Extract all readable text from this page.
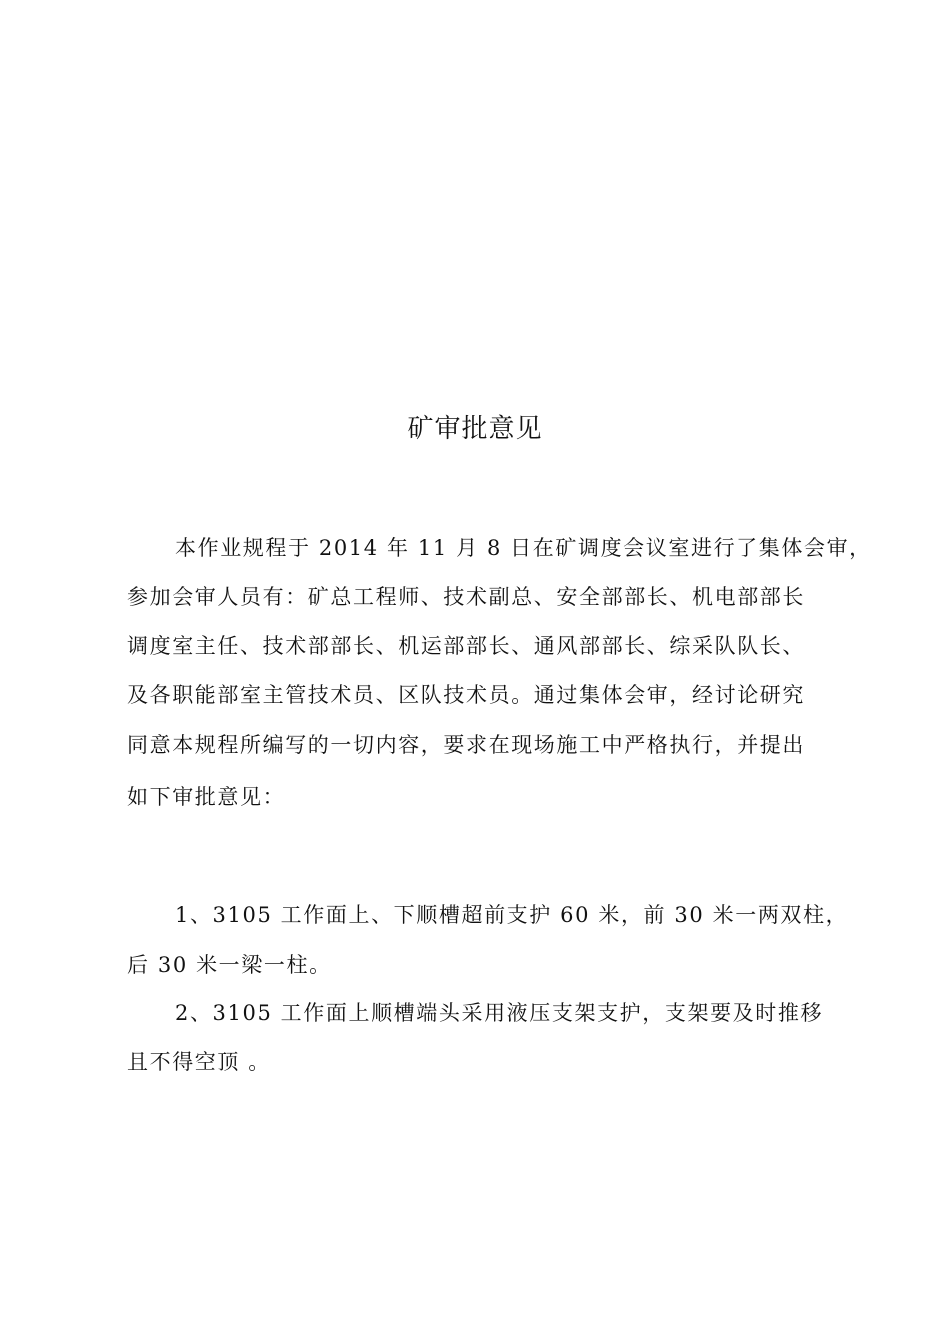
矿审批意见
本作业规程于 2014 年 11 月 8 日在矿调度会议室进行了集体会审，
参加会审人员有：矿总工程师、技术副总、安全部部长、机电部部长
调度室主任、技术部部长、机运部部长、通风部部长、综采队队长、
及各职能部室主管技术员、区队技术员。通过集体会审，经讨论研究
同意本规程所编写的一切内容，要求在现场施工中严格执行，并提出
如下审批意见：
1、3105 工作面上、下顺槽超前支护 60 米，前 30 米一两双柱，
后 30 米一梁一柱。
2、3105 工作面上顺槽端头采用液压支架支护，支架要及时推移
且不得空顶 。
